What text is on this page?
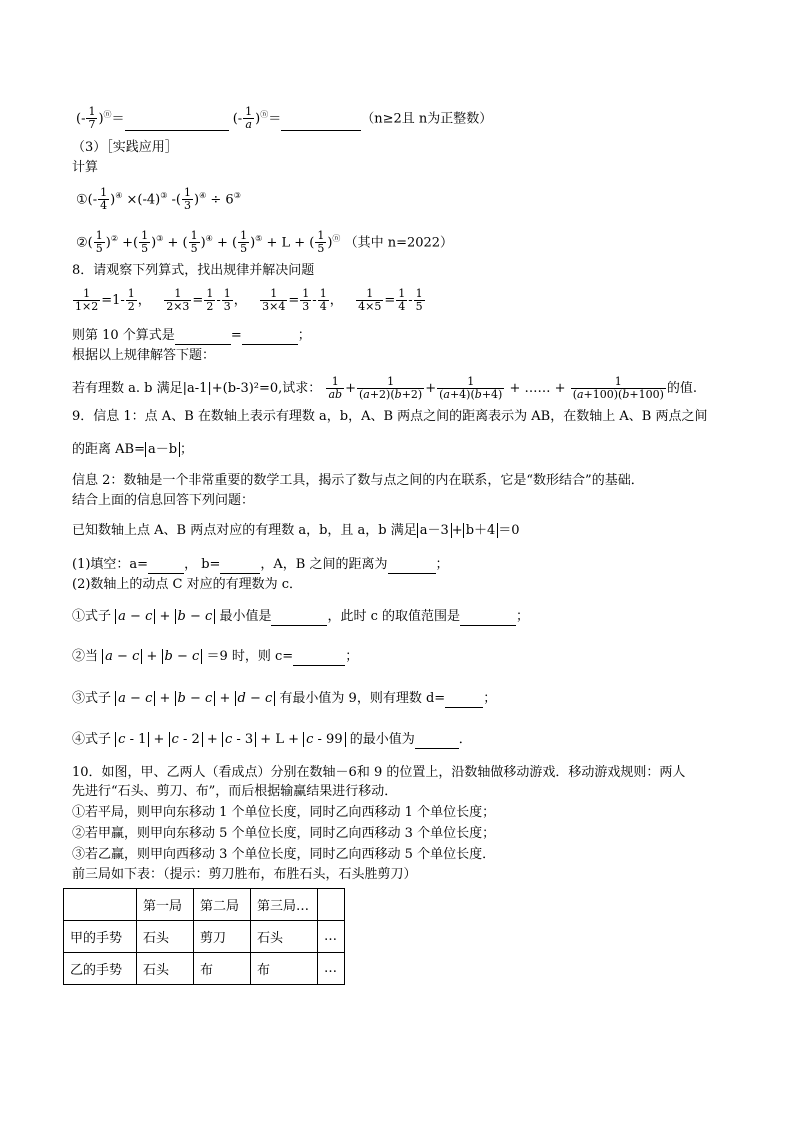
(- $\frac{1}{7} )^ⓝ=$	(- $\frac{1}{a} )^ⓝ=$	（n≥2且 n为正整数）
（3）［实践应用］
计算
①(- $\frac{1}{4} )^④ \times(-4)^③$ -( $\frac{1}{3} )^④ \div 6^③$
②( $\frac{1}{5} )^②$ +( $\frac{1}{5} )^③$ + ( $\frac{1}{5} )^④$ + ( $\frac{1}{5} )^⑤ + L$ + ( $\frac{1}{5} )^ⓝ$ （其中 n=2022）
8．请观察下列算式，找出规律并解决问题
$\frac{1}{1\times 2} =1- \frac{1}{2}$ ， $\frac{1}{2\times 3} = \frac{1}{2} - \frac{1}{3}$ ， $\frac{1}{3\times 4} = \frac{1}{3} - \frac{1}{4}$ ， $\frac{1}{4\times 5} = \frac{1}{4} - \frac{1}{5}$
则第 10 个算式是	=	；
根据以上规律解答下题：
若有理数 a. b 满足|a-1|+(b-3)²=0,试求： $\frac{1}{ab} + \frac{1}{(a+2)(b+2)} + \frac{1}{(a+4)(b+4)}$ + …… + $\frac{1}{(a+100)(b+100)}$ 的值.
9．信息 1：点 A、B 在数轴上表示有理数 a，b，A、B 两点之间的距离表示为 AB，在数轴上 A、B 两点之间
的距离 AB= a－b ；
信息 2：数轴是一个非常重要的数学工具，揭示了数与点之间的内在联系，它是“数形结合”的基础．
结合上面的信息回答下列问题：
已知数轴上点 A、B 两点对应的有理数 a，b，且 a，b 满足 a－3 + b＋4 ＝0
(1)填空：a=	， b=	，A，B 之间的距离为	；
(2)数轴上的动点 C 对应的有理数为 c．
①式子 a − c + b − c 最小值是	，此时 c 的取值范围是	；
②当 a − c + b − c ＝9 时，则 c=	；
③式子 a − c + b − c + d − c 有最小值为 9，则有理数 d=	；
④式子 c - 1 + c - 2 + c - 3 + L + c - 99 的最小值为	．
10．如图，甲、乙两人（看成点）分别在数轴－6和 9 的位置上，沿数轴做移动游戏．移动游戏规则：两人
先进行“石头、剪刀、布”，而后根据输赢结果进行移动．
①若平局，则甲向东移动 1 个单位长度，同时乙向西移动 1 个单位长度；
②若甲赢，则甲向东移动 5 个单位长度，同时乙向西移动 3 个单位长度；
③若乙赢，则甲向西移动 3 个单位长度，同时乙向西移动 5 个单位长度．
前三局如下表：（提示：剪刀胜布，布胜石头，石头胜剪刀）
	第一局	第二局	第三局…	
甲的手势	石头	剪刀	石头	…
乙的手势	石头	布	布	…
